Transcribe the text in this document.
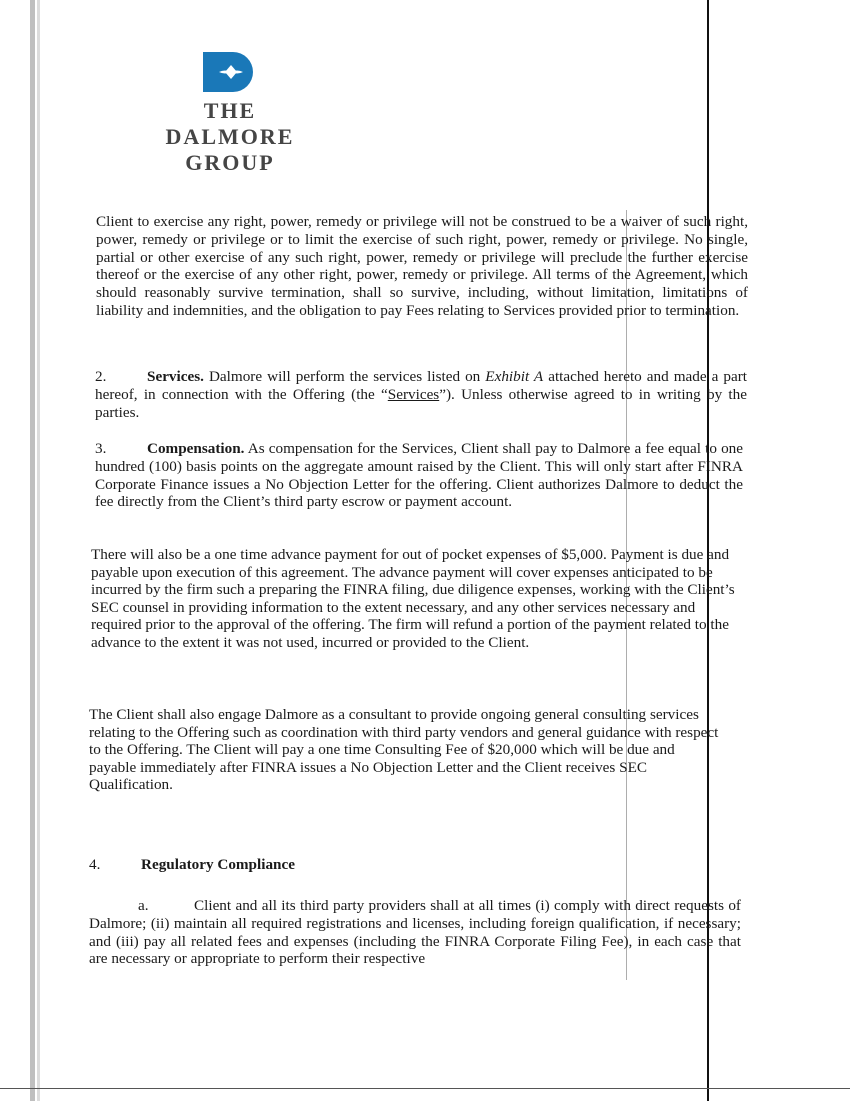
THE
DALMORE
GROUP
Client to exercise any right, power, remedy or privilege will not be construed to be a waiver of such right, power, remedy or privilege or to limit the exercise of such right, power, remedy or privilege. No single, partial or other exercise of any such right, power, remedy or privilege will preclude the further exercise thereof or the exercise of any other right, power, remedy or privilege. All terms of the Agreement, which should reasonably survive termination, shall so survive, including, without limitation, limitations of liability and indemnities, and the obligation to pay Fees relating to Services provided prior to termination.
2.	Services. Dalmore will perform the services listed on Exhibit A attached hereto and made a part hereof, in connection with the Offering (the “Services”). Unless otherwise agreed to in writing by the parties.
3.	Compensation. As compensation for the Services, Client shall pay to Dalmore a fee equal to one hundred (100) basis points on the aggregate amount raised by the Client. This will only start after FINRA Corporate Finance issues a No Objection Letter for the offering. Client authorizes Dalmore to deduct the fee directly from the Client’s third party escrow or payment account.
There will also be a one time advance payment for out of pocket expenses of $5,000. Payment is due and payable upon execution of this agreement. The advance payment will cover expenses anticipated to be incurred by the firm such a preparing the FINRA filing, due diligence expenses, working with the Client’s SEC counsel in providing information to the extent necessary, and any other services necessary and required prior to the approval of the offering. The firm will refund a portion of the payment related to the advance to the extent it was not used, incurred or provided to the Client.
The Client shall also engage Dalmore as a consultant to provide ongoing general consulting services relating to the Offering such as coordination with third party vendors and general guidance with respect to the Offering. The Client will pay a one time Consulting Fee of $20,000 which will be due and payable immediately after FINRA issues a No Objection Letter and the Client receives SEC Qualification.
4.	Regulatory Compliance
a.	Client and all its third party providers shall at all times (i) comply with direct requests of Dalmore; (ii) maintain all required registrations and licenses, including foreign qualification, if necessary; and (iii) pay all related fees and expenses (including the FINRA Corporate Filing Fee), in each case that are necessary or appropriate to perform their respective
